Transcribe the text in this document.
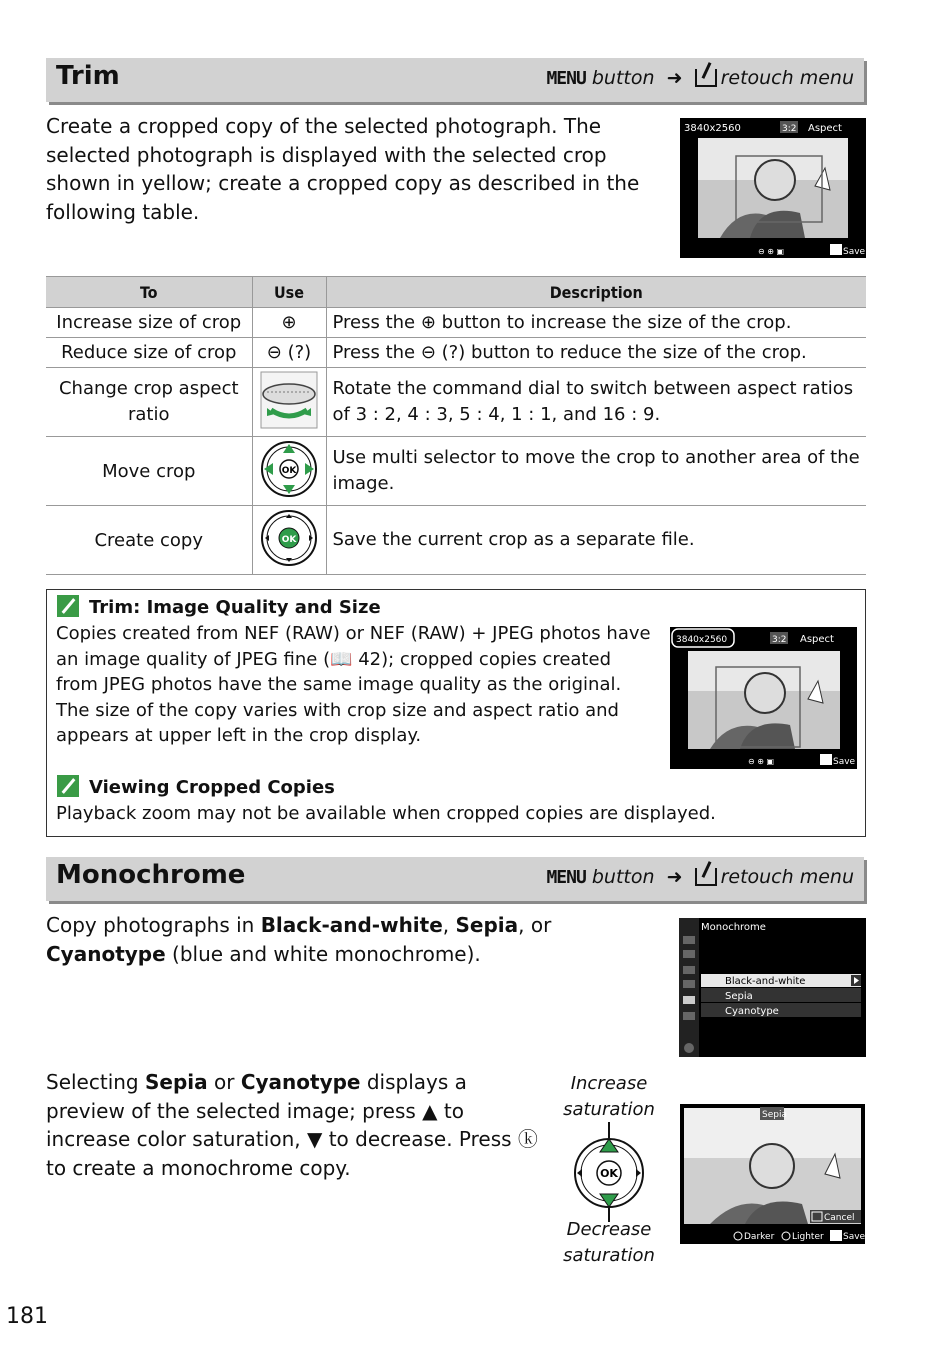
Trim	MENU button ➜ retouch menu
Create a cropped copy of the selected photograph. The selected photograph is displayed with the selected crop shown in yellow; create a cropped copy as described in the following table.
3840x2560	3:2 Aspect
⊖ ⊕ ▣	Save
To	Use	Description
Increase size of crop	⊕	Press the ⊕ button to increase the size of the crop.
Reduce size of crop	⊖ (?)	Press the ⊖ (?) button to reduce the size of the crop.
Change crop aspect ratio		Rotate the command dial to switch between aspect ratios of 3 : 2, 4 : 3, 5 : 4, 1 : 1, and 16 : 9.
Move crop	OK	Use multi selector to move the crop to another area of the image.
Create copy	OK	Save the current crop as a separate file.
Trim: Image Quality and Size
Copies created from NEF (RAW) or NEF (RAW) + JPEG photos have an image quality of JPEG fine (📖 42); cropped copies created from JPEG photos have the same image quality as the original. The size of the copy varies with crop size and aspect ratio and appears at upper left in the crop display.
3840x2560	3:2 Aspect
⊖ ⊕ ▣	Save
Viewing Cropped Copies
Playback zoom may not be available when cropped copies are displayed.
Monochrome	MENU button ➜ retouch menu
Copy photographs in Black-and-white, Sepia, or
Cyanotype (blue and white monochrome).
Monochrome
Black-and-white
Sepia
Cyanotype
Selecting Sepia or Cyanotype displays a preview of the selected image; press ▲ to increase color saturation, ▼ to decrease. Press ⓚ to create a monochrome copy.
Increase saturation
OK
Decrease saturation
Sepia
Cancel
Darker Lighter Save
181
